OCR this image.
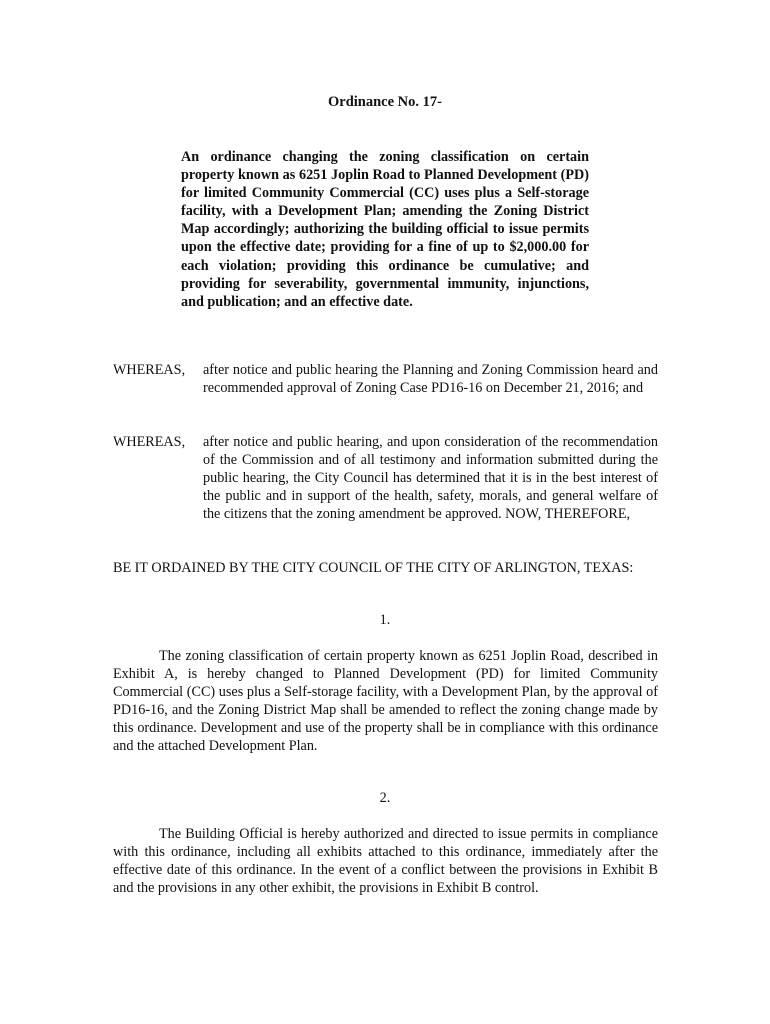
Ordinance No. 17-
An ordinance changing the zoning classification on certain property known as 6251 Joplin Road to Planned Development (PD) for limited Community Commercial (CC) uses plus a Self-storage facility, with a Development Plan; amending the Zoning District Map accordingly; authorizing the building official to issue permits upon the effective date; providing for a fine of up to $2,000.00 for each violation; providing this ordinance be cumulative; and providing for severability, governmental immunity, injunctions, and publication; and an effective date.
WHEREAS, after notice and public hearing the Planning and Zoning Commission heard and recommended approval of Zoning Case PD16-16 on December 21, 2016; and
WHEREAS, after notice and public hearing, and upon consideration of the recommendation of the Commission and of all testimony and information submitted during the public hearing, the City Council has determined that it is in the best interest of the public and in support of the health, safety, morals, and general welfare of the citizens that the zoning amendment be approved. NOW, THEREFORE,
BE IT ORDAINED BY THE CITY COUNCIL OF THE CITY OF ARLINGTON, TEXAS:
1.
The zoning classification of certain property known as 6251 Joplin Road, described in Exhibit A, is hereby changed to Planned Development (PD) for limited Community Commercial (CC) uses plus a Self-storage facility, with a Development Plan, by the approval of PD16-16, and the Zoning District Map shall be amended to reflect the zoning change made by this ordinance. Development and use of the property shall be in compliance with this ordinance and the attached Development Plan.
2.
The Building Official is hereby authorized and directed to issue permits in compliance with this ordinance, including all exhibits attached to this ordinance, immediately after the effective date of this ordinance. In the event of a conflict between the provisions in Exhibit B and the provisions in any other exhibit, the provisions in Exhibit B control.
